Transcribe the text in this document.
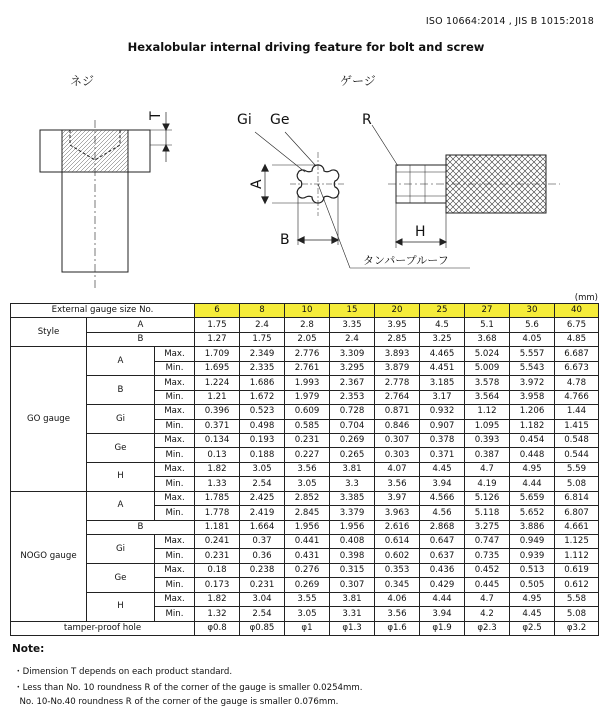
ISO 10664:2014 , JIS B 1015:2018
Hexalobular internal driving feature for bolt and screw
ネジ	ゲージ
T	Gi Ge
A
B
タンパープルーフ
R
H
(mm)
External gauge size No.			6	8	10	15	20	25	27	30	40
Style	A		1.75	2.4	2.8	3.35	3.95	4.5	5.1	5.6	6.75
	B		1.27	1.75	2.05	2.4	2.85	3.25	3.68	4.05	4.85
GO gauge	A	Max.	1.709	2.349	2.776	3.309	3.893	4.465	5.024	5.557	6.687
		Min.	1.695	2.335	2.761	3.295	3.879	4.451	5.009	5.543	6.673
	B	Max.	1.224	1.686	1.993	2.367	2.778	3.185	3.578	3.972	4.78
		Min.	1.21	1.672	1.979	2.353	2.764	3.17	3.564	3.958	4.766
	Gi	Max.	0.396	0.523	0.609	0.728	0.871	0.932	1.12	1.206	1.44
		Min.	0.371	0.498	0.585	0.704	0.846	0.907	1.095	1.182	1.415
	Ge	Max.	0.134	0.193	0.231	0.269	0.307	0.378	0.393	0.454	0.548
		Min.	0.13	0.188	0.227	0.265	0.303	0.371	0.387	0.448	0.544
	H	Max.	1.82	3.05	3.56	3.81	4.07	4.45	4.7	4.95	5.59
		Min.	1.33	2.54	3.05	3.3	3.56	3.94	4.19	4.44	5.08
NOGO gauge	A	Max.	1.785	2.425	2.852	3.385	3.97	4.566	5.126	5.659	6.814
		Min.	1.778	2.419	2.845	3.379	3.963	4.56	5.118	5.652	6.807
	B		1.181	1.664	1.956	1.956	2.616	2.868	3.275	3.886	4.661
	Gi	Max.	0.241	0.37	0.441	0.408	0.614	0.647	0.747	0.949	1.125
		Min.	0.231	0.36	0.431	0.398	0.602	0.637	0.735	0.939	1.112
	Ge	Max.	0.18	0.238	0.276	0.315	0.353	0.436	0.452	0.513	0.619
		Min.	0.173	0.231	0.269	0.307	0.345	0.429	0.445	0.505	0.612
	H	Max.	1.82	3.04	3.55	3.81	4.06	4.44	4.7	4.95	5.58
		Min.	1.32	2.54	3.05	3.31	3.56	3.94	4.2	4.45	5.08
tamper-proof hole			φ0.8	φ0.85	φ1	φ1.3	φ1.6	φ1.9	φ2.3	φ2.5	φ3.2
Note:
・Dimension T depends on each product standard.
・Less than No. 10 roundness R of the corner of the gauge is smaller 0.0254mm.
No. 10-No.40 roundness R of the corner of the gauge is smaller 0.076mm.
